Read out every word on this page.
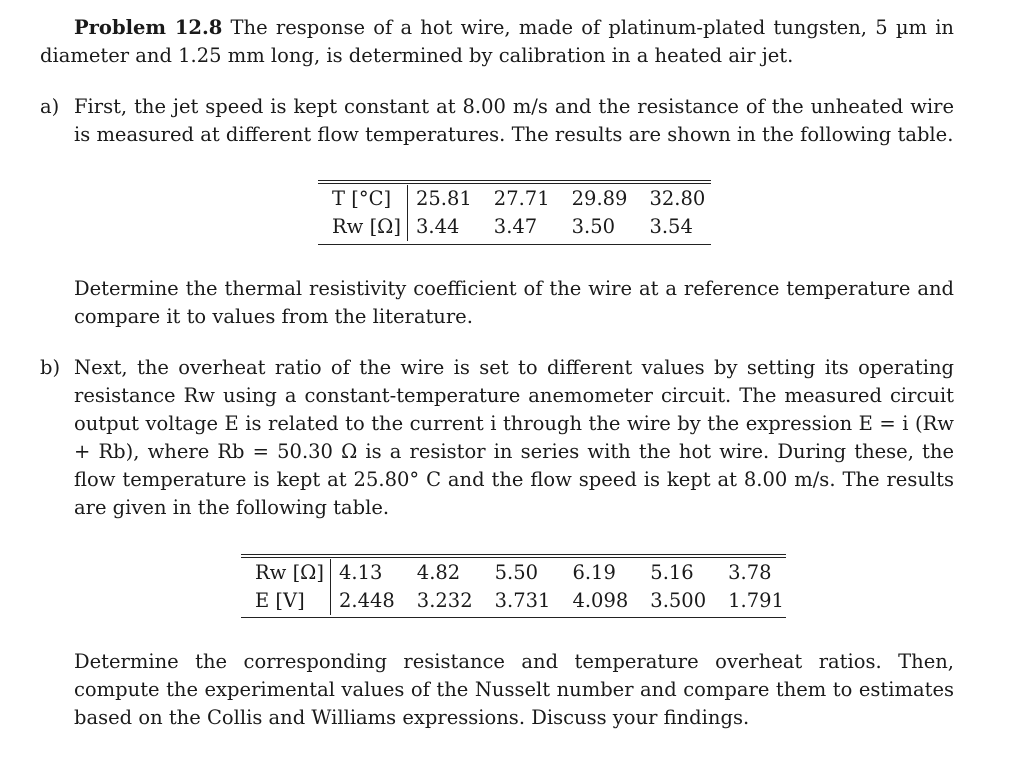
Problem 12.8 The response of a hot wire, made of platinum-plated tungsten, 5 µm in diameter and 1.25 mm long, is determined by calibration in a heated air jet.

a) First, the jet speed is kept constant at 8.00 m/s and the resistance of the unheated wire is measured at different flow temperatures. The results are shown in the following table.

T [°C]	25.81	27.71	29.89	32.80
Rw [Ω]	3.44	3.47	3.50	3.54

Determine the thermal resistivity coefficient of the wire at a reference temperature and compare it to values from the literature.

b) Next, the overheat ratio of the wire is set to different values by setting its operating resistance Rw using a constant-temperature anemometer circuit. The measured circuit output voltage E is related to the current i through the wire by the expression E = i (Rw + Rb), where Rb = 50.30 Ω is a resistor in series with the hot wire. During these, the flow temperature is kept at 25.80° C and the flow speed is kept at 8.00 m/s. The results are given in the following table.

Rw [Ω]	4.13	4.82	5.50	6.19	5.16	3.78
E [V]	2.448	3.232	3.731	4.098	3.500	1.791

Determine the corresponding resistance and temperature overheat ratios. Then, compute the experimental values of the Nusselt number and compare them to estimates based on the Collis and Williams expressions. Discuss your findings.
